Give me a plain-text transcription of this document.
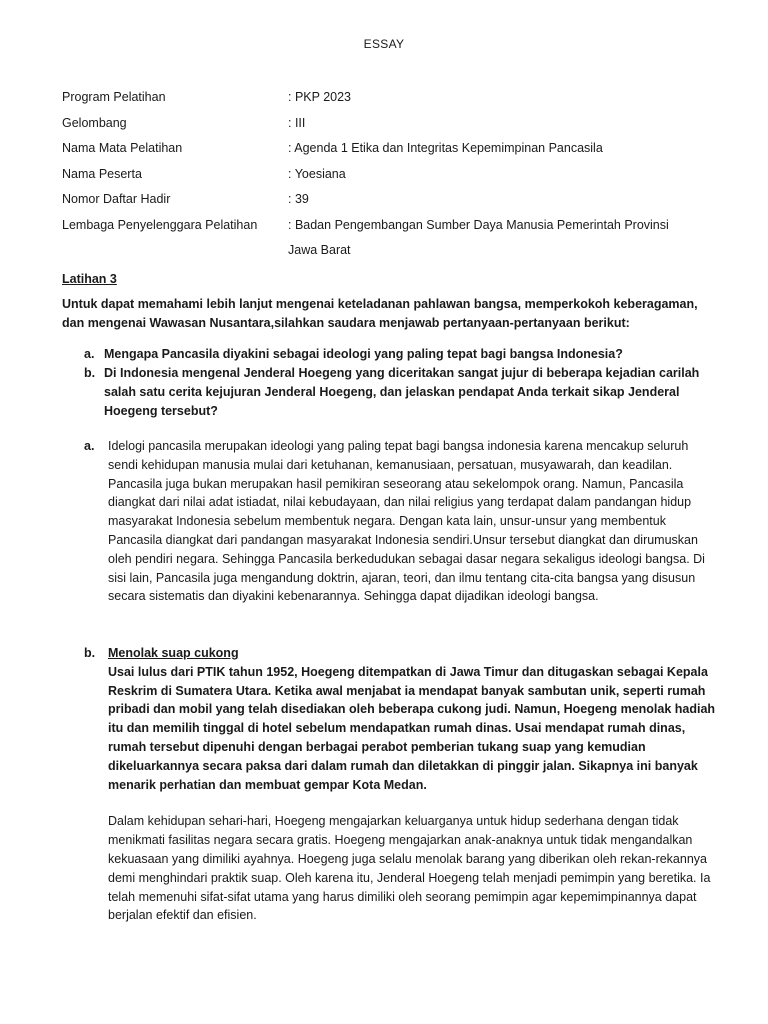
ESSAY
Program Pelatihan	: PKP 2023
Gelombang	: III
Nama Mata Pelatihan	: Agenda 1 Etika dan Integritas Kepemimpinan Pancasila
Nama Peserta	: Yoesiana
Nomor Daftar Hadir	: 39
Lembaga Penyelenggara Pelatihan : Badan Pengembangan Sumber Daya Manusia Pemerintah Provinsi
Jawa Barat
Latihan 3
Untuk dapat memahami lebih lanjut mengenai keteladanan pahlawan bangsa, memperkokoh keberagaman, dan mengenai Wawasan Nusantara,silahkan saudara menjawab pertanyaan-pertanyaan berikut:
a. Mengapa Pancasila diyakini sebagai ideologi yang paling tepat bagi bangsa Indonesia?
b. Di Indonesia mengenal Jenderal Hoegeng yang diceritakan sangat jujur di beberapa kejadian carilah salah satu cerita kejujuran Jenderal Hoegeng, dan jelaskan pendapat Anda terkait sikap Jenderal Hoegeng tersebut?
a. Idelogi pancasila merupakan ideologi yang paling tepat bagi bangsa indonesia karena mencakup seluruh sendi kehidupan manusia mulai dari ketuhanan, kemanusiaan, persatuan, musyawarah, dan keadilan. Pancasila juga bukan merupakan hasil pemikiran seseorang atau sekelompok orang. Namun, Pancasila diangkat dari nilai adat istiadat, nilai kebudayaan, dan nilai religius yang terdapat dalam pandangan hidup masyarakat Indonesia sebelum membentuk negara. Dengan kata lain, unsur-unsur yang membentuk Pancasila diangkat dari pandangan masyarakat Indonesia sendiri.Unsur tersebut diangkat dan dirumuskan oleh pendiri negara. Sehingga Pancasila berkedudukan sebagai dasar negara sekaligus ideologi bangsa. Di sisi lain, Pancasila juga mengandung doktrin, ajaran, teori, dan ilmu tentang cita-cita bangsa yang disusun secara sistematis dan diyakini kebenarannya. Sehingga dapat dijadikan ideologi bangsa.
b. Menolak suap cukong
Usai lulus dari PTIK tahun 1952, Hoegeng ditempatkan di Jawa Timur dan ditugaskan sebagai Kepala Reskrim di Sumatera Utara. Ketika awal menjabat ia mendapat banyak sambutan unik, seperti rumah pribadi dan mobil yang telah disediakan oleh beberapa cukong judi. Namun, Hoegeng menolak hadiah itu dan memilih tinggal di hotel sebelum mendapatkan rumah dinas. Usai mendapat rumah dinas, rumah tersebut dipenuhi dengan berbagai perabot pemberian tukang suap yang kemudian dikeluarkannya secara paksa dari dalam rumah dan diletakkan di pinggir jalan. Sikapnya ini banyak menarik perhatian dan membuat gempar Kota Medan.
Dalam kehidupan sehari-hari, Hoegeng mengajarkan keluarganya untuk hidup sederhana dengan tidak menikmati fasilitas negara secara gratis. Hoegeng mengajarkan anak-anaknya untuk tidak mengandalkan kekuasaan yang dimiliki ayahnya. Hoegeng juga selalu menolak barang yang diberikan oleh rekan-rekannya demi menghindari praktik suap. Oleh karena itu, Jenderal Hoegeng telah menjadi pemimpin yang beretika. Ia telah memenuhi sifat-sifat utama yang harus dimiliki oleh seorang pemimpin agar kepemimpinannya dapat berjalan efektif dan efisien.
